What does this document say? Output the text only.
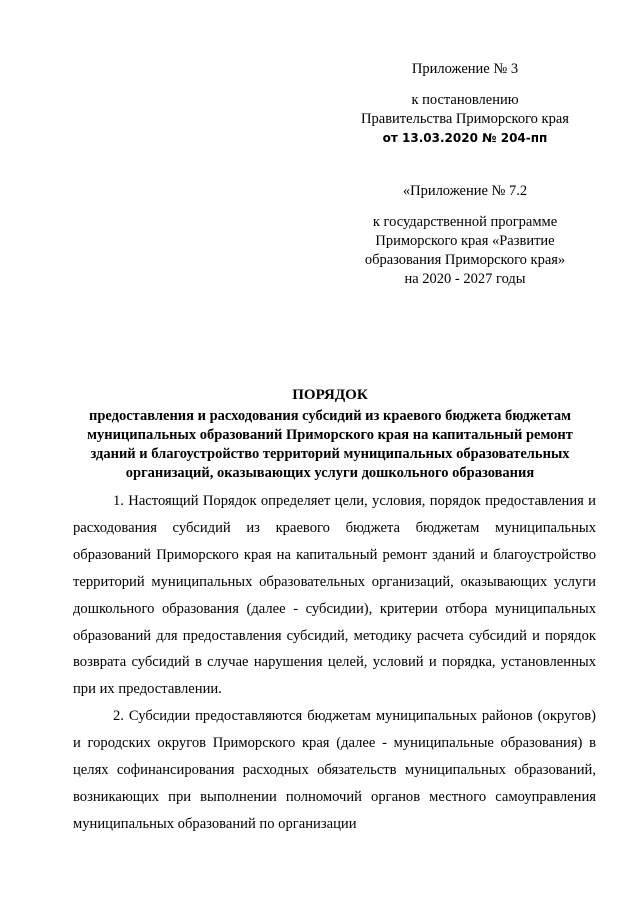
Приложение № 3
к постановлению
Правительства Приморского края
от 13.03.2020 № 204-пп
«Приложение № 7.2
к государственной программе
Приморского края «Развитие
образования Приморского края»
на 2020 - 2027 годы
ПОРЯДОК
предоставления и расходования субсидий из краевого бюджета бюджетам
муниципальных образований Приморского края на капитальный ремонт
зданий и благоустройство территорий муниципальных образовательных
организаций, оказывающих услуги дошкольного образования

1. Настоящий Порядок определяет цели, условия, порядок предоставления и расходования субсидий из краевого бюджета бюджетам муниципальных образований Приморского края на капитальный ремонт зданий и благоустройство территорий муниципальных образовательных организаций, оказывающих услуги дошкольного образования (далее - субсидии), критерии отбора муниципальных образований для предоставления субсидий, методику расчета субсидий и порядок возврата субсидий в случае нарушения целей, условий и порядка, установленных при их предоставлении.

2. Субсидии предоставляются бюджетам муниципальных районов (округов) и городских округов Приморского края (далее - муниципальные образования) в целях софинансирования расходных обязательств муниципальных образований, возникающих при выполнении полномочий органов местного самоуправления муниципальных образований по организации
